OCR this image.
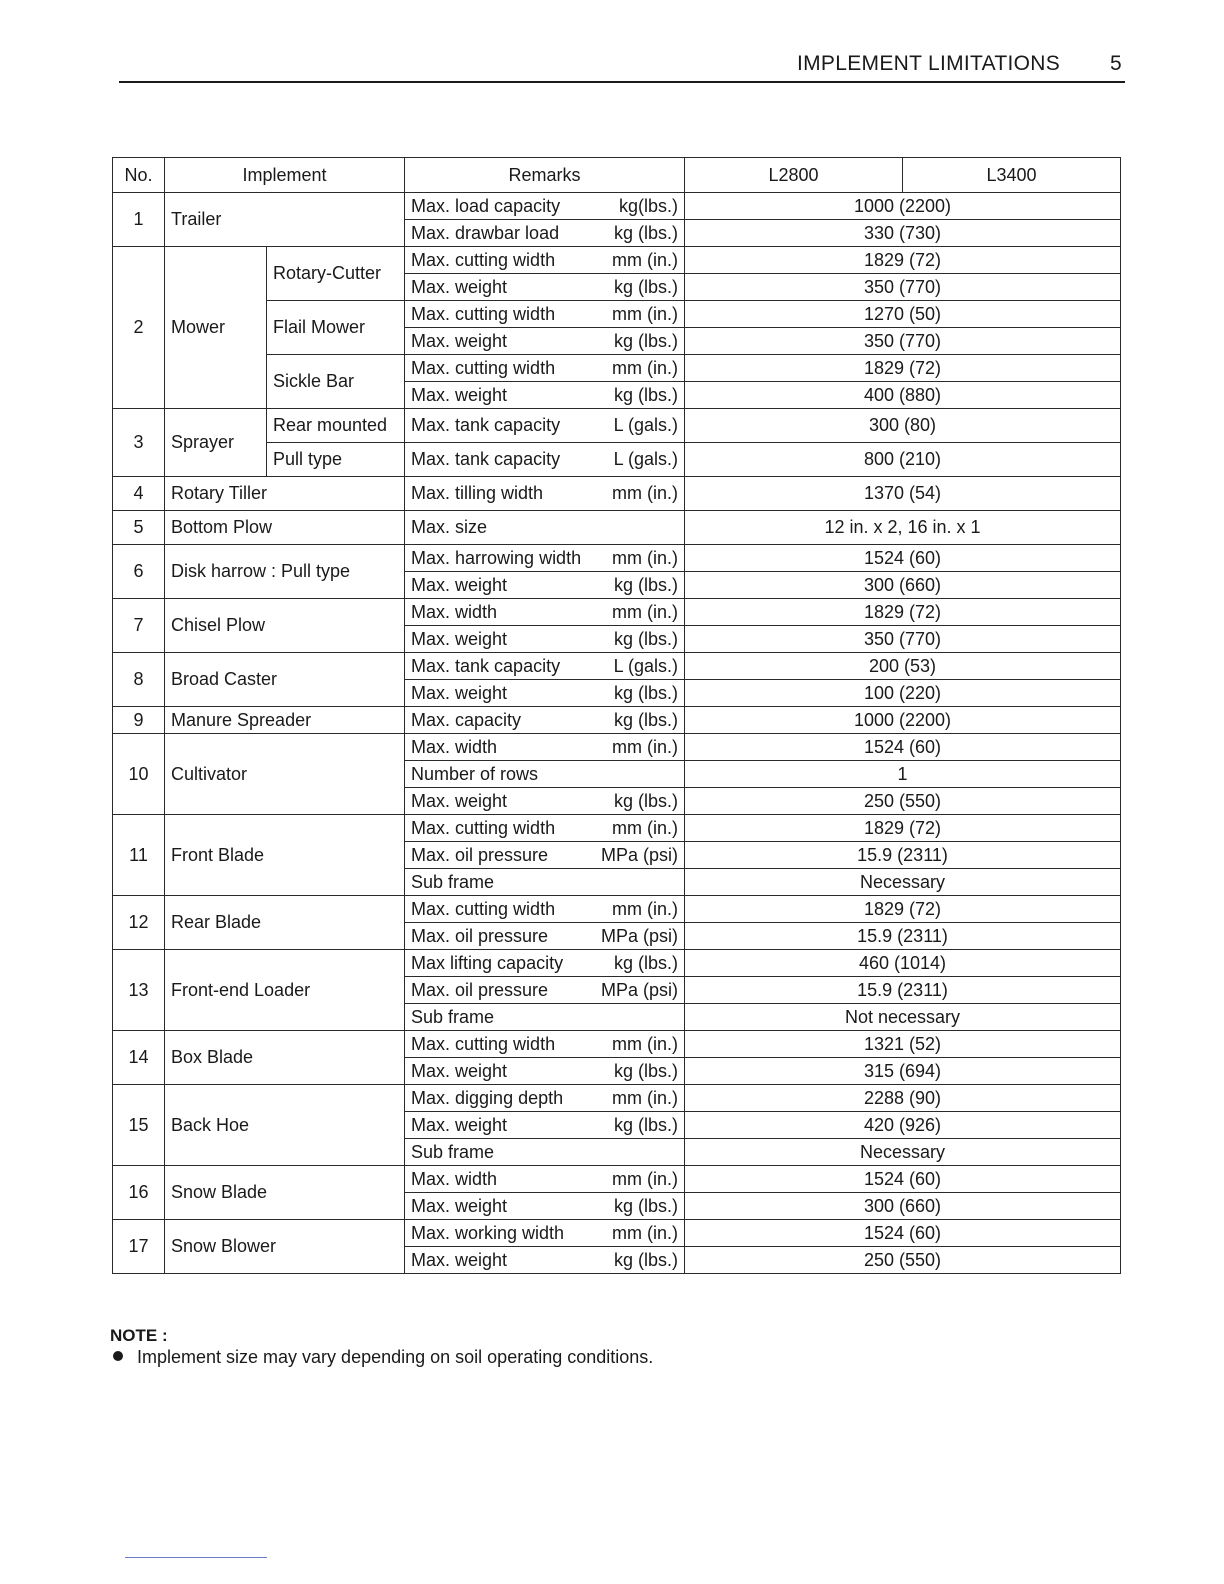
IMPLEMENT LIMITATIONS 5
No.	Implement		Remarks	L2800	L3400
1	Trailer		Max. load capacity kg(lbs.)	1000 (2200)	

			Max. drawbar load kg (lbs.)	330 (730)	
2	Mower	Rotary-Cutter	Max. cutting width mm (in.)	1829 (72)	

			Max. weight kg (lbs.)	350 (770)	
		Flail Mower	Max. cutting width mm (in.)	1270 (50)	

			Max. weight kg (lbs.)	350 (770)	
		Sickle Bar	Max. cutting width mm (in.)	1829 (72)	

			Max. weight kg (lbs.)	400 (880)	
3	Sprayer	Rear mounted	Max. tank capacity L (gals.)	300 (80)	
		Pull type	Max. tank capacity L (gals.)	800 (210)	
4	Rotary Tiller		Max. tilling width mm (in.)	1370 (54)	
5	Bottom Plow		Max. size	12 in. x 2, 16 in. x 1	
6	Disk harrow : Pull type		Max. harrowing width mm (in.)	1524 (60)	

			Max. weight kg (lbs.)	300 (660)	
7	Chisel Plow		Max. width mm (in.)	1829 (72)	

			Max. weight kg (lbs.)	350 (770)	
8	Broad Caster		Max. tank capacity L (gals.)	200 (53)	

			Max. weight kg (lbs.)	100 (220)	
9	Manure Spreader		Max. capacity kg (lbs.)	1000 (2200)	
10	Cultivator		Max. width mm (in.)	1524 (60)	

			Number of rows	1	

			Max. weight kg (lbs.)	250 (550)	
11	Front Blade		Max. cutting width mm (in.)	1829 (72)	

			Max. oil pressure MPa (psi)	15.9 (2311)	

			Sub frame	Necessary	
12	Rear Blade		Max. cutting width mm (in.)	1829 (72)	

			Max. oil pressure MPa (psi)	15.9 (2311)	
13	Front-end Loader		Max lifting capacity kg (lbs.)	460 (1014)	

			Max. oil pressure MPa (psi)	15.9 (2311)	

			Sub frame	Not necessary	
14	Box Blade		Max. cutting width mm (in.)	1321 (52)	

			Max. weight kg (lbs.)	315 (694)	
15	Back Hoe		Max. digging depth mm (in.)	2288 (90)	

			Max. weight kg (lbs.)	420 (926)	

			Sub frame	Necessary	
16	Snow Blade		Max. width mm (in.)	1524 (60)	

			Max. weight kg (lbs.)	300 (660)	
17	Snow Blower		Max. working width mm (in.)	1524 (60)	

			Max. weight kg (lbs.)	250 (550)	
NOTE :
Implement size may vary depending on soil operating conditions.
